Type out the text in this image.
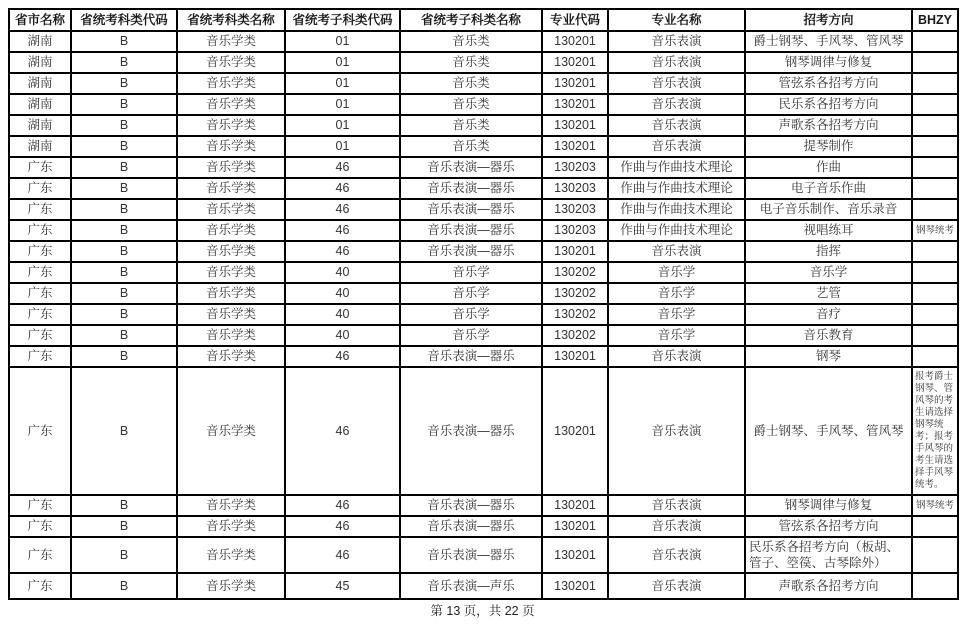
省市名称	省统考科类代码	省统考科类名称	省统考子科类代码	省统考子科类名称	专业代码	专业名称	招考方向	BHZY
湖南	B	音乐学类	01	音乐类	130201	音乐表演	爵士钢琴、手风琴、管风琴	
湖南	B	音乐学类	01	音乐类	130201	音乐表演	钢琴调律与修复	
湖南	B	音乐学类	01	音乐类	130201	音乐表演	管弦系各招考方向	
湖南	B	音乐学类	01	音乐类	130201	音乐表演	民乐系各招考方向	
湖南	B	音乐学类	01	音乐类	130201	音乐表演	声歌系各招考方向	
湖南	B	音乐学类	01	音乐类	130201	音乐表演	提琴制作	
广东	B	音乐学类	46	音乐表演—器乐	130203	作曲与作曲技术理论	作曲	
广东	B	音乐学类	46	音乐表演—器乐	130203	作曲与作曲技术理论	电子音乐作曲	
广东	B	音乐学类	46	音乐表演—器乐	130203	作曲与作曲技术理论	电子音乐制作、音乐录音	
广东	B	音乐学类	46	音乐表演—器乐	130203	作曲与作曲技术理论	视唱练耳	钢琴统考
广东	B	音乐学类	46	音乐表演—器乐	130201	音乐表演	指挥	
广东	B	音乐学类	40	音乐学	130202	音乐学	音乐学	
广东	B	音乐学类	40	音乐学	130202	音乐学	艺管	
广东	B	音乐学类	40	音乐学	130202	音乐学	音疗	
广东	B	音乐学类	40	音乐学	130202	音乐学	音乐教育	
广东	B	音乐学类	46	音乐表演—器乐	130201	音乐表演	钢琴	
广东	B	音乐学类	46	音乐表演—器乐	130201	音乐表演	爵士钢琴、手风琴、管风琴	报考爵士钢琴、管风琴的考生请选择钢琴统考；报考手风琴的考生请选择手风琴统考。
广东	B	音乐学类	46	音乐表演—器乐	130201	音乐表演	钢琴调律与修复	钢琴统考
广东	B	音乐学类	46	音乐表演—器乐	130201	音乐表演	管弦系各招考方向	
广东	B	音乐学类	46	音乐表演—器乐	130201	音乐表演	民乐系各招考方向（板胡、管子、箜篌、古琴除外）	
广东	B	音乐学类	45	音乐表演—声乐	130201	音乐表演	声歌系各招考方向	
第 13 页，共 22 页
